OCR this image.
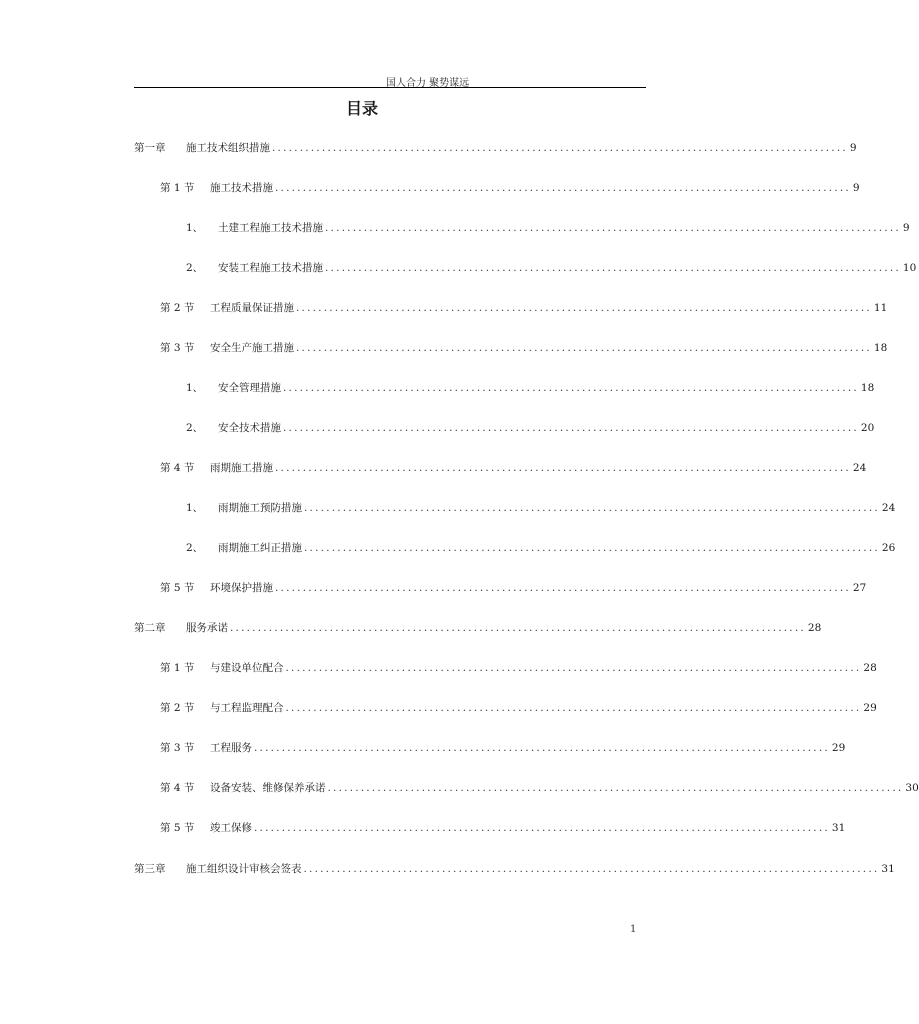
国人合力 聚势谋远
目录
第一章	施工技术组织措施 ........................................................................................................ 9
第 1 节	施工技术措施 ........................................................................................................ 9
1、	土建工程施工技术措施 ........................................................................................................ 9
2、	安装工程施工技术措施 ........................................................................................................ 10
第 2 节	工程质量保证措施 ........................................................................................................ 11
第 3 节	安全生产施工措施 ........................................................................................................ 18
1、	安全管理措施 ........................................................................................................ 18
2、	安全技术措施 ........................................................................................................ 20
第 4 节	雨期施工措施 ........................................................................................................ 24
1、	雨期施工预防措施 ........................................................................................................ 24
2、	雨期施工纠正措施 ........................................................................................................ 26
第 5 节	环境保护措施 ........................................................................................................ 27
第二章	服务承诺 ........................................................................................................ 28
第 1 节	与建设单位配合 ........................................................................................................ 28
第 2 节	与工程监理配合 ........................................................................................................ 29
第 3 节	工程服务 ........................................................................................................ 29
第 4 节	设备安装、维修保养承诺 ........................................................................................................ 30
第 5 节	竣工保修 ........................................................................................................ 31
第三章	施工组织设计审核会签表 ........................................................................................................ 31
1
